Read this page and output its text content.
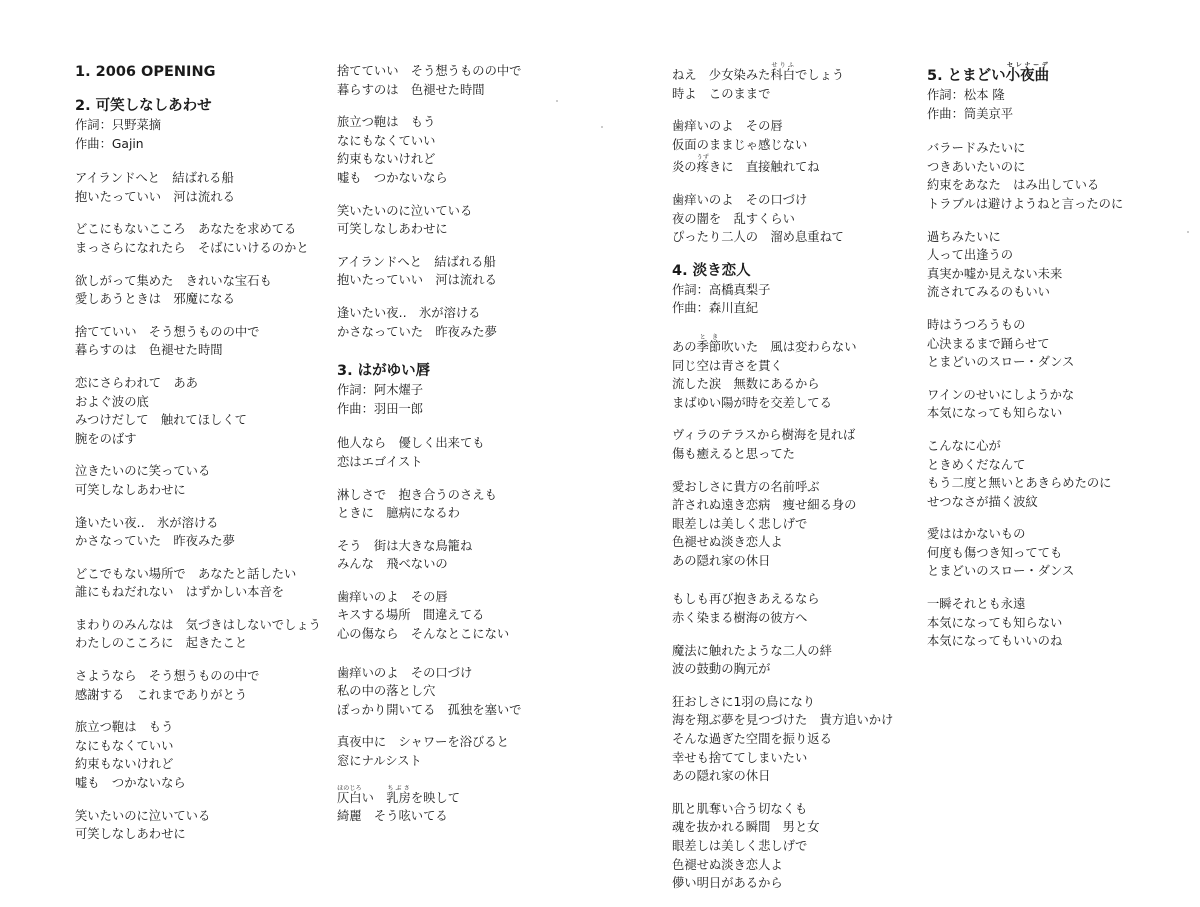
1. 2006 OPENING
2. 可笑しなしあわせ
作詞：只野菜摘
作曲：Gajin
アイランドへと　結ばれる船
抱いたっていい　河は流れる
どこにもないこころ　あなたを求めてる
まっさらになれたら　そばにいけるのかと
欲しがって集めた　きれいな宝石も
愛しあうときは　邪魔になる
捨てていい　そう想うものの中で
暮らすのは　色褪せた時間
恋にさらわれて　ああ
およぐ波の底
みつけだして　触れてほしくて
腕をのばす
泣きたいのに笑っている
可笑しなしあわせに
逢いたい夜‥　氷が溶ける
かさなっていた　昨夜みた夢
どこでもない場所で　あなたと話したい
誰にもねだれない　はずかしい本音を
まわりのみんなは　気づきはしないでしょう
わたしのこころに　起きたこと
さようなら　そう想うものの中で
感謝する　これまでありがとう
旅立つ鞄は　もう
なにもなくていい
約束もないけれど
嘘も　つかないなら
笑いたいのに泣いている
可笑しなしあわせに
捨てていい　そう想うものの中で
暮らすのは　色褪せた時間
旅立つ鞄は　もう
なにもなくていい
約束もないけれど
嘘も　つかないなら
笑いたいのに泣いている
可笑しなしあわせに
アイランドへと　結ばれる船
抱いたっていい　河は流れる
逢いたい夜‥　氷が溶ける
かさなっていた　昨夜みた夢
3. はがゆい唇
作詞：阿木燿子
作曲：羽田一郎
他人なら　優しく出来ても
恋はエゴイスト
淋しさで　抱き合うのさえも
ときに　臆病になるわ
そう　街は大きな鳥籠ね
みんな　飛べないの
歯痒いのよ　その唇
キスする場所　間違えてる
心の傷なら　そんなとこにない
歯痒いのよ　その口づけ
私の中の落とし穴
ぽっかり開いてる　孤独を塞いで
真夜中に　シャワーを浴びると
窓にナルシスト
仄白ほのじろい　乳房ちぶさを映して
綺麗　そう呟いてる
ねえ　少女染みた科白せりふでしょう
時よ　このままで
歯痒いのよ　その唇
仮面のままじゃ感じない
炎の疼うずきに　直接触れてね
歯痒いのよ　その口づけ
夜の闇を　乱すくらい
ぴったり二人の　溜め息重ねて
4. 淡き恋人
作詞：高橋真梨子
作曲：森川直紀
あの季節とき吹いた　風は変わらない
同じ空は青さを貫く
流した涙　無数にあるから
まばゆい陽が時を交差してる
ヴィラのテラスから樹海を見れば
傷も癒えると思ってた
愛おしさに貴方の名前呼ぶ
許されぬ遠き恋病　痩せ細る身の
眼差しは美しく悲しげで
色褪せぬ淡き恋人よ
あの隠れ家の休日
もしも再び抱きあえるなら
赤く染まる樹海の彼方へ
魔法に触れたような二人の絆
波の鼓動の胸元が
狂おしさに1羽の鳥になり
海を翔ぶ夢を見つづけた　貴方追いかけ
そんな過ぎた空間を振り返る
幸せも捨ててしまいたい
あの隠れ家の休日
肌と肌奪い合う切なくも
魂を抜かれる瞬間　男と女
眼差しは美しく悲しげで
色褪せぬ淡き恋人よ
儚い明日があるから
5. とまどい小夜曲セレナーデ
作詞：松本 隆
作曲：筒美京平
バラードみたいに
つきあいたいのに
約束をあなた　はみ出している
トラブルは避けようねと言ったのに
過ちみたいに
人って出逢うの
真実か嘘か見えない未来
流されてみるのもいい
時はうつろうもの
心決まるまで踊らせて
とまどいのスロー・ダンス
ワインのせいにしようかな
本気になっても知らない
こんなに心が
ときめくだなんて
もう二度と無いとあきらめたのに
せつなさが描く波紋
愛ははかないもの
何度も傷つき知ってても
とまどいのスロー・ダンス
一瞬それとも永遠
本気になっても知らない
本気になってもいいのね
